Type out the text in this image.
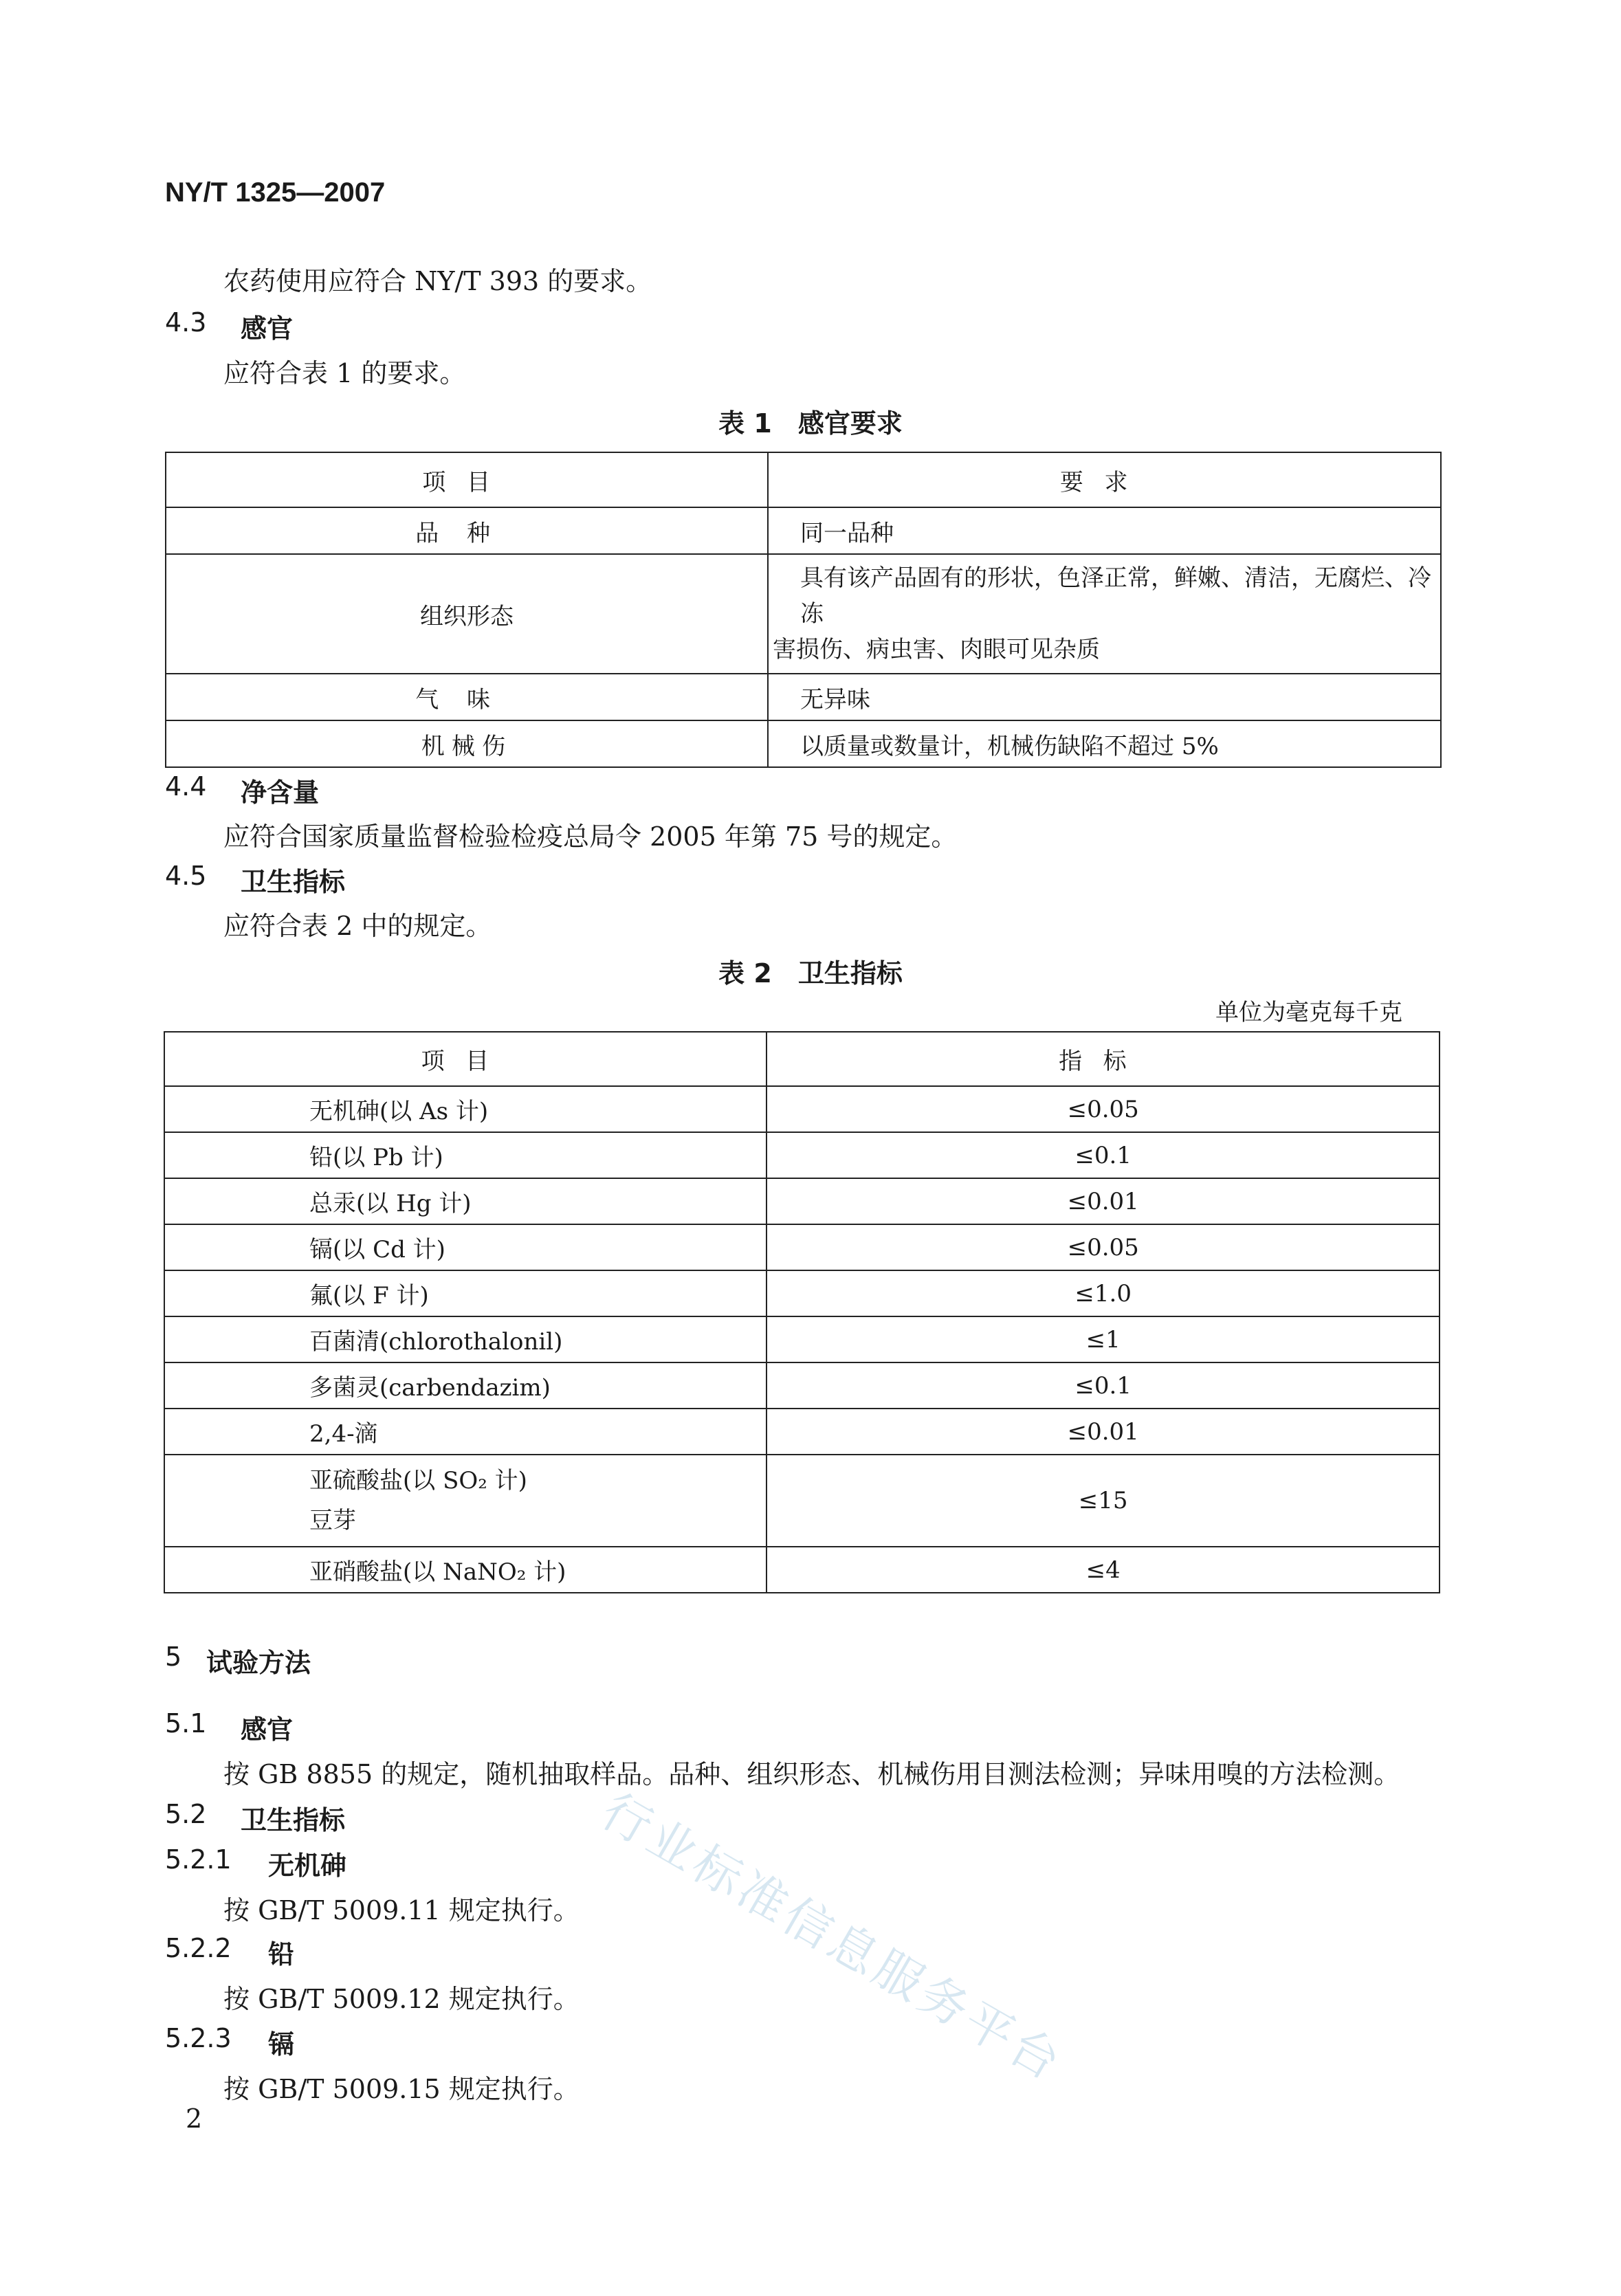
NY/T 1325—2007
农药使用应符合 NY/T 393 的要求。
4.3 感官
应符合表 1 的要求。
表 1　感官要求
项目	要求
品种	同一品种
组织形态	具有该产品固有的形状，色泽正常，鲜嫩、清洁，无腐烂、冷冻
害损伤、病虫害、肉眼可见杂质

气味	无异味
机械伤	以质量或数量计，机械伤缺陷不超过 5%
4.4 净含量
应符合国家质量监督检验检疫总局令 2005 年第 75 号的规定。
4.5 卫生指标
应符合表 2 中的规定。
表 2　卫生指标
单位为毫克每千克
项目	指标
无机砷(以 As 计)	≤0.05
铅(以 Pb 计)	≤0.1
总汞(以 Hg 计)	≤0.01
镉(以 Cd 计)	≤0.05
氟(以 F 计)	≤1.0
百菌清(chlorothalonil)	≤1
多菌灵(carbendazim)	≤0.1
2,4-滴	≤0.01

亚硫酸盐(以 SO₂ 计)
豆芽	≤15
亚硝酸盐(以 NaNO₂ 计)	≤4
5 试验方法
5.1 感官
按 GB 8855 的规定，随机抽取样品。品种、组织形态、机械伤用目测法检测；异味用嗅的方法检测。
5.2 卫生指标
5.2.1 无机砷
按 GB/T 5009.11 规定执行。
5.2.2 铅
按 GB/T 5009.12 规定执行。
5.2.3 镉
按 GB/T 5009.15 规定执行。 行业标准信息服务平台
2
